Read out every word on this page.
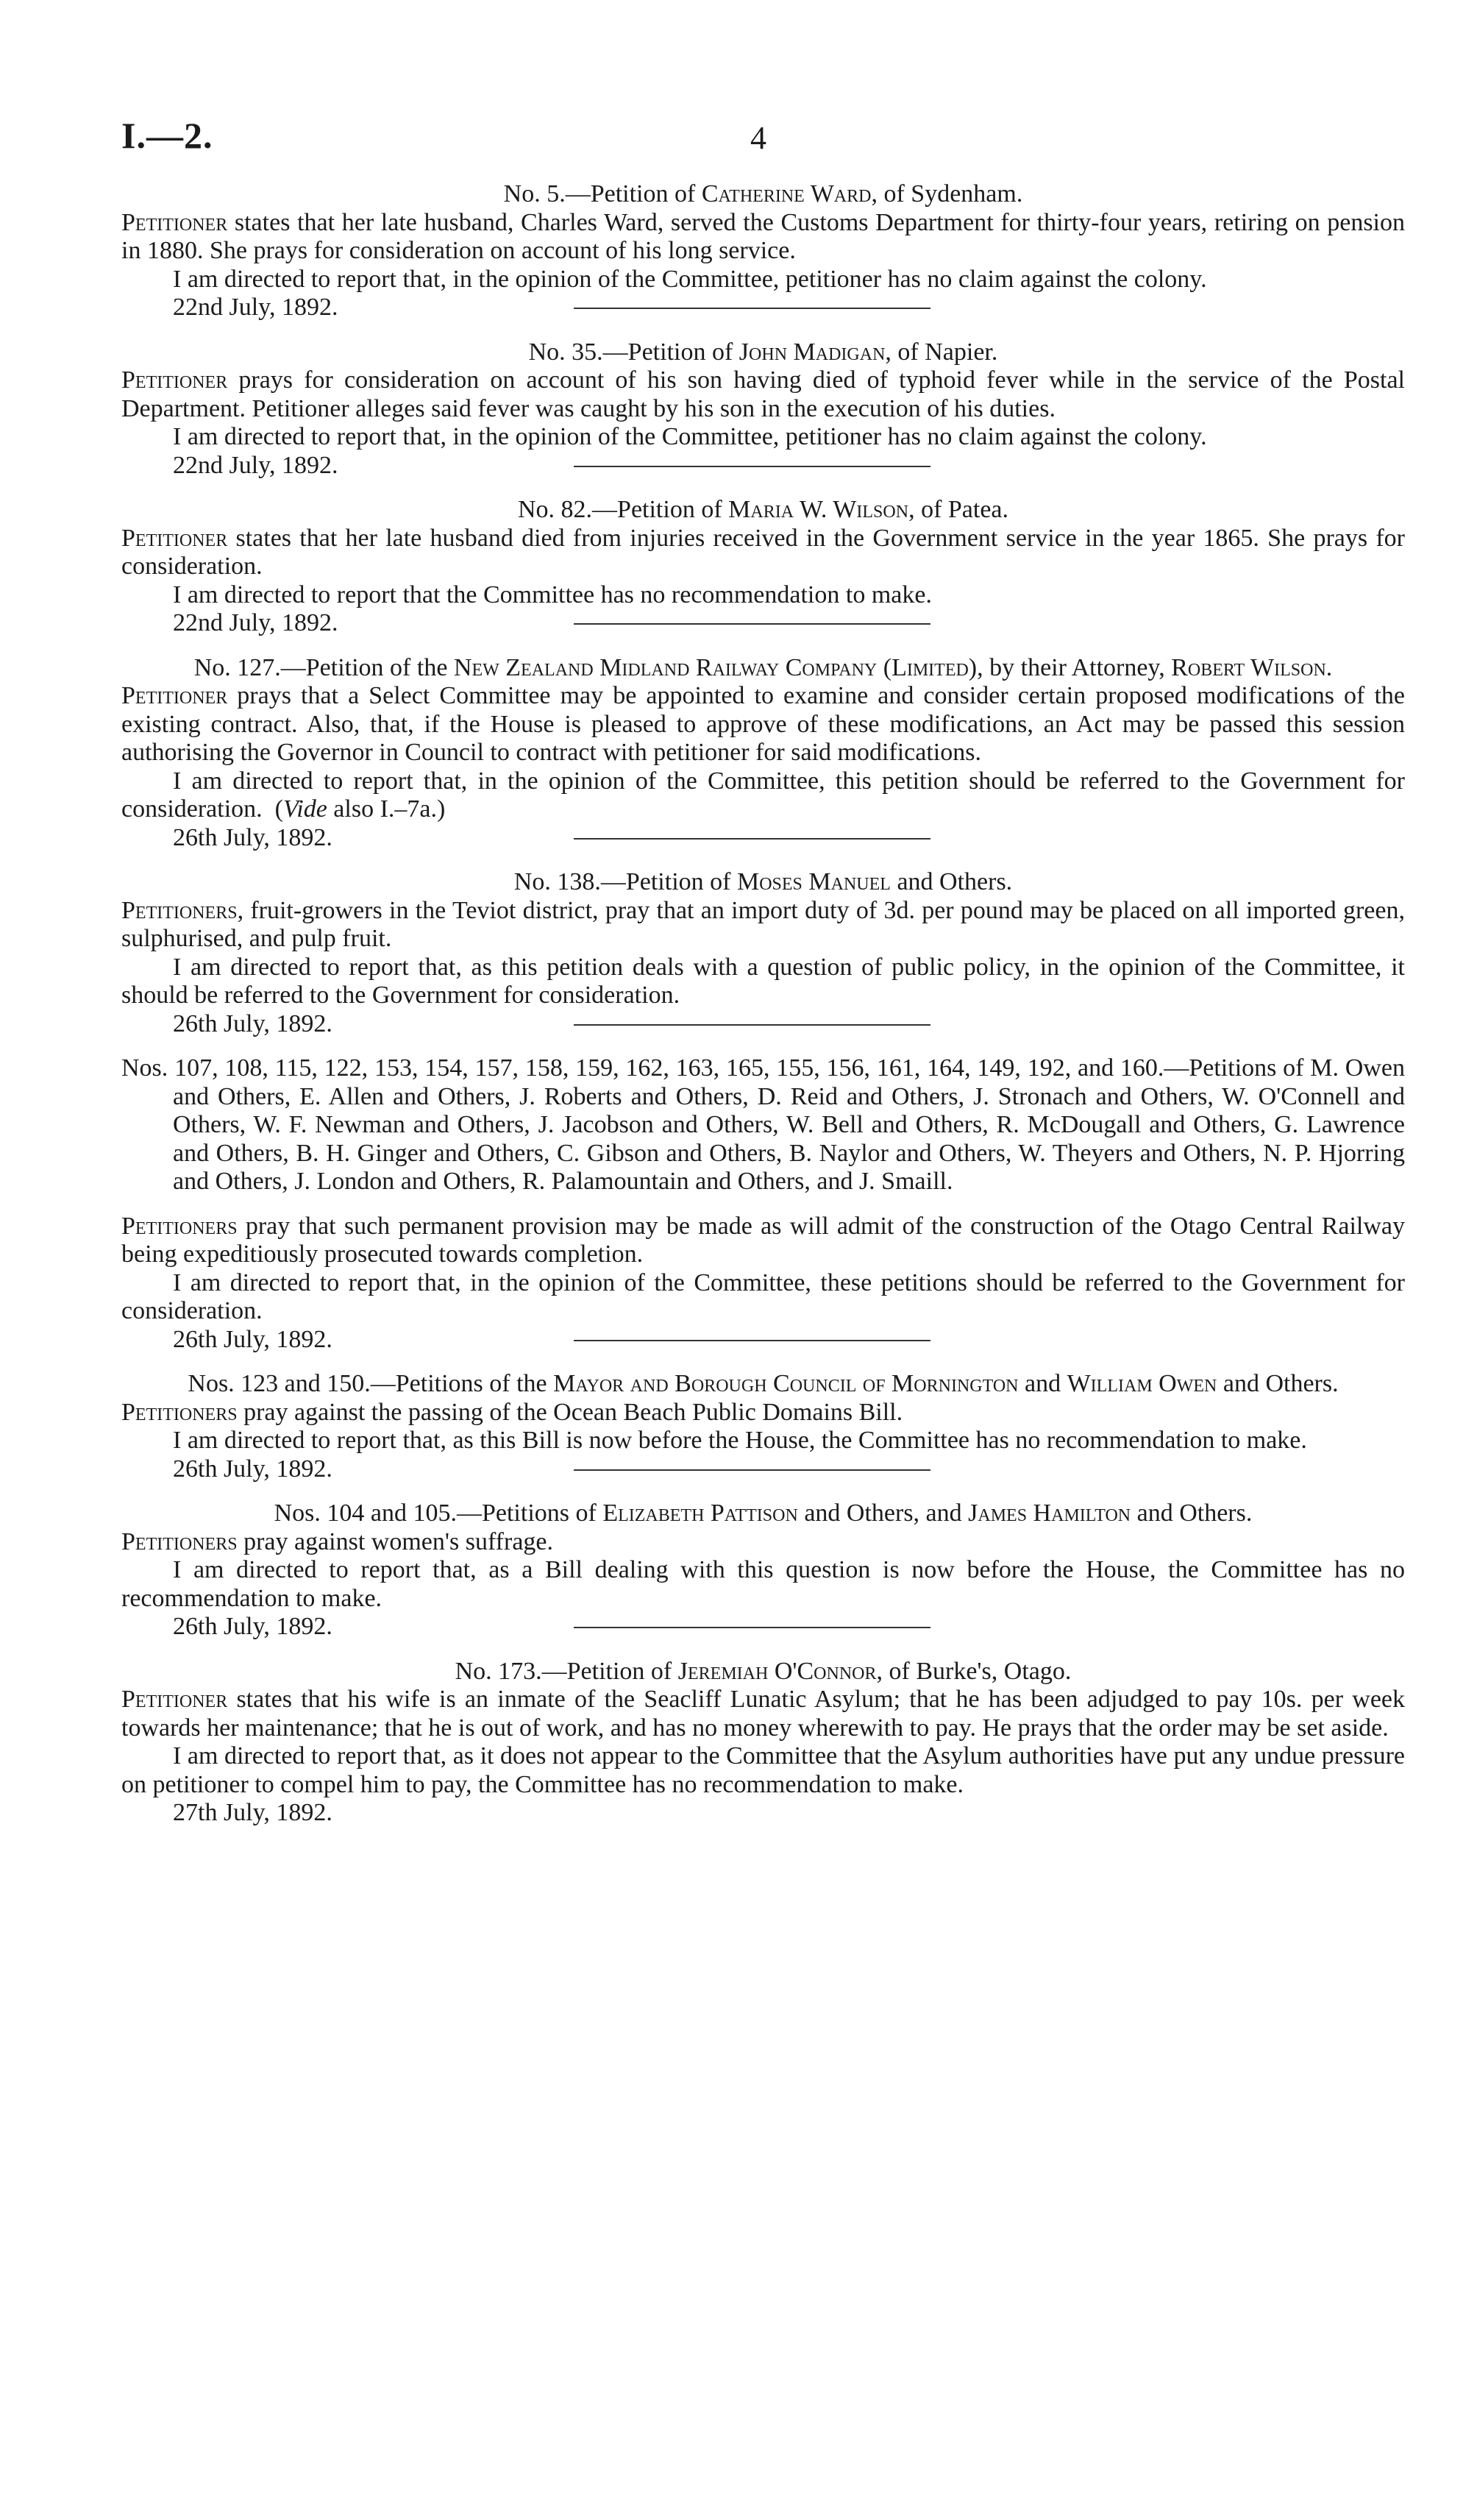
I.—2.	4

No. 5.—Petition of Catherine Ward, of Sydenham.

Petitioner states that her late husband, Charles Ward, served the Customs Department for thirty-four years, retiring on pension in 1880. She prays for consideration on account of his long service.

I am directed to report that, in the opinion of the Committee, petitioner has no claim against the colony.

22nd July, 1892.

No. 35.—Petition of John Madigan, of Napier.

Petitioner prays for consideration on account of his son having died of typhoid fever while in the service of the Postal Department. Petitioner alleges said fever was caught by his son in the execution of his duties.

I am directed to report that, in the opinion of the Committee, petitioner has no claim against the colony.

22nd July, 1892.

No. 82.—Petition of Maria W. Wilson, of Patea.

Petitioner states that her late husband died from injuries received in the Government service in the year 1865. She prays for consideration.

I am directed to report that the Committee has no recommendation to make.

22nd July, 1892.

No. 127.—Petition of the New Zealand Midland Railway Company (Limited), by their Attorney, Robert Wilson.

Petitioner prays that a Select Committee may be appointed to examine and consider certain proposed modifications of the existing contract. Also, that, if the House is pleased to approve of these modifications, an Act may be passed this session authorising the Governor in Council to contract with petitioner for said modifications.

I am directed to report that, in the opinion of the Committee, this petition should be referred to the Government for consideration.  (Vide also I.–7a.)

26th July, 1892.

No. 138.—Petition of Moses Manuel and Others.

Petitioners, fruit-growers in the Teviot district, pray that an import duty of 3d. per pound may be placed on all imported green, sulphurised, and pulp fruit.

I am directed to report that, as this petition deals with a question of public policy, in the opinion of the Committee, it should be referred to the Government for consideration.

26th July, 1892.

Nos. 107, 108, 115, 122, 153, 154, 157, 158, 159, 162, 163, 165, 155, 156, 161, 164, 149, 192, and 160.—Petitions of M. Owen and Others, E. Allen and Others, J. Roberts and Others, D. Reid and Others, J. Stronach and Others, W. O'Connell and Others, W. F. Newman and Others, J. Jacobson and Others, W. Bell and Others, R. McDougall and Others, G. Lawrence and Others, B. H. Ginger and Others, C. Gibson and Others, B. Naylor and Others, W. Theyers and Others, N. P. Hjorring and Others, J. London and Others, R. Palamountain and Others, and J. Smaill.

Petitioners pray that such permanent provision may be made as will admit of the construction of the Otago Central Railway being expeditiously prosecuted towards completion.

I am directed to report that, in the opinion of the Committee, these petitions should be referred to the Government for consideration.

26th July, 1892.

Nos. 123 and 150.—Petitions of the Mayor and Borough Council of Mornington and William Owen and Others.

Petitioners pray against the passing of the Ocean Beach Public Domains Bill.

I am directed to report that, as this Bill is now before the House, the Committee has no recommendation to make.

26th July, 1892.

Nos. 104 and 105.—Petitions of Elizabeth Pattison and Others, and James Hamilton and Others.

Petitioners pray against women's suffrage.

I am directed to report that, as a Bill dealing with this question is now before the House, the Committee has no recommendation to make.

26th July, 1892.

No. 173.—Petition of Jeremiah O'Connor, of Burke's, Otago.

Petitioner states that his wife is an inmate of the Seacliff Lunatic Asylum; that he has been adjudged to pay 10s. per week towards her maintenance; that he is out of work, and has no money wherewith to pay. He prays that the order may be set aside.

I am directed to report that, as it does not appear to the Committee that the Asylum authorities have put any undue pressure on petitioner to compel him to pay, the Committee has no recommendation to make.

27th July, 1892.
